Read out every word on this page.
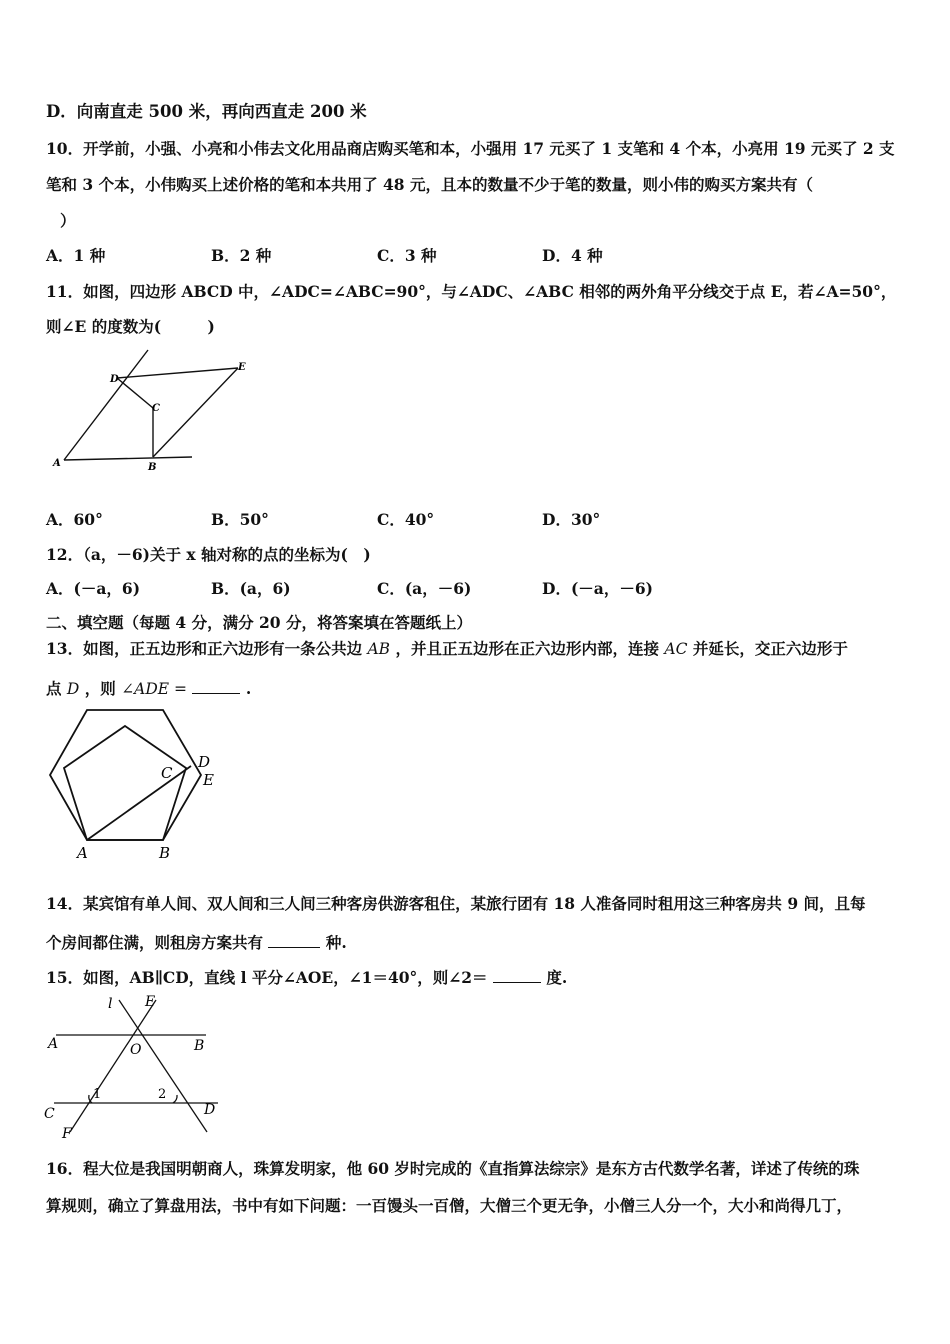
D．向南直走 500 米，再向西直走 200 米
10．开学前，小强、小亮和小伟去文化用品商店购买笔和本，小强用 17 元买了 1 支笔和 4 个本，小亮用 19 元买了 2 支
笔和 3 个本，小伟购买上述价格的笔和本共用了 48 元，且本的数量不少于笔的数量，则小伟的购买方案共有（
）
A．1 种	B．2 种	C．3 种	D．4 种
11．如图，四边形 ABCD 中，∠ADC=∠ABC=90°，与∠ADC、∠ABC 相邻的两外角平分线交于点 E，若∠A=50°，
则∠E 的度数为(　　　)
D
E
C
A	B
A．60°	B．50°	C．40°	D．30°
12．（a，－6)关于 x 轴对称的点的坐标为(　)
A．(－a，6)	B．(a，6)	C．(a，－6)	D．(－a，－6)
二、填空题（每题 4 分，满分 20 分，将答案填在答题纸上）
13．如图，正五边形和正六边形有一条公共边 AB ，并且正五边形在正六边形内部，连接 AC 并延长，交正六边形于
点 D ，则 ∠ADE =	.
A	B
C
D
E
14．某宾馆有单人间、双人间和三人间三种客房供游客租住，某旅行团有 18 人准备同时租用这三种客房共 9 间，且每
个房间都住满，则租房方案共有	种.
15．如图，AB∥CD，直线 l 平分∠AOE，∠1＝40°，则∠2＝	度.
l E
A	O	B
1	2
C	D
F
16．程大位是我国明朝商人，珠算发明家，他 60 岁时完成的《直指算法综宗》是东方古代数学名著，详述了传统的珠
算规则，确立了算盘用法，书中有如下问题：一百馒头一百僧，大僧三个更无争，小僧三人分一个，大小和尚得几丁，
